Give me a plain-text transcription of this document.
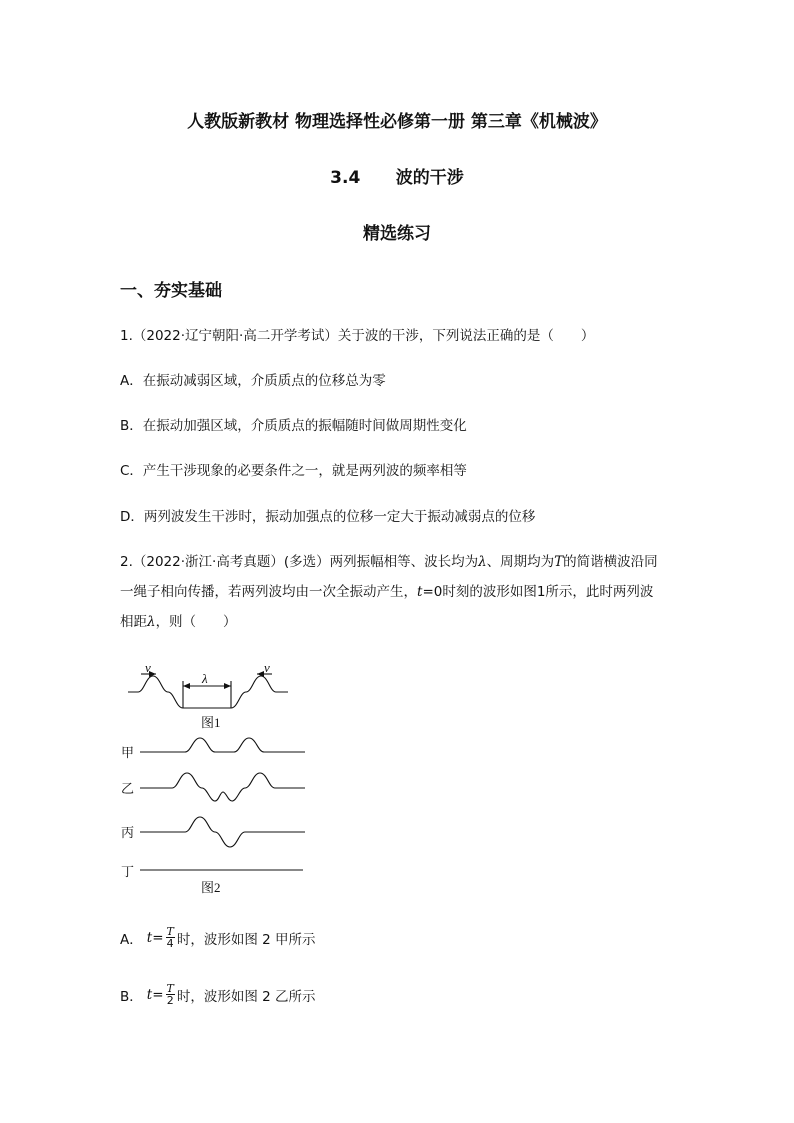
人教版新教材 物理选择性必修第一册 第三章《机械波》
3.4      波的干涉
精选练习
一、夯实基础
1.（2022·辽宁朝阳·高二开学考试）关于波的干涉，下列说法正确的是（　　）
A．在振动减弱区域，介质质点的位移总为零
B．在振动加强区域，介质质点的振幅随时间做周期性变化
C．产生干涉现象的必要条件之一，就是两列波的频率相等
D．两列波发生干涉时，振动加强点的位移一定大于振动减弱点的位移
2.（2022·浙江·高考真题）(多选）两列振幅相等、波长均为λ、周期均为T的简谐横波沿同
一绳子相向传播，若两列波均由一次全振动产生，t=0时刻的波形如图1所示，此时两列波
相距λ，则（　　）
v
λ
v
图1
甲
乙
丙
丁
图2
A． $t = \frac{T}{4}$ 时，波形如图 2 甲所示
B． $t = \frac{T}{2}$ 时，波形如图 2 乙所示
